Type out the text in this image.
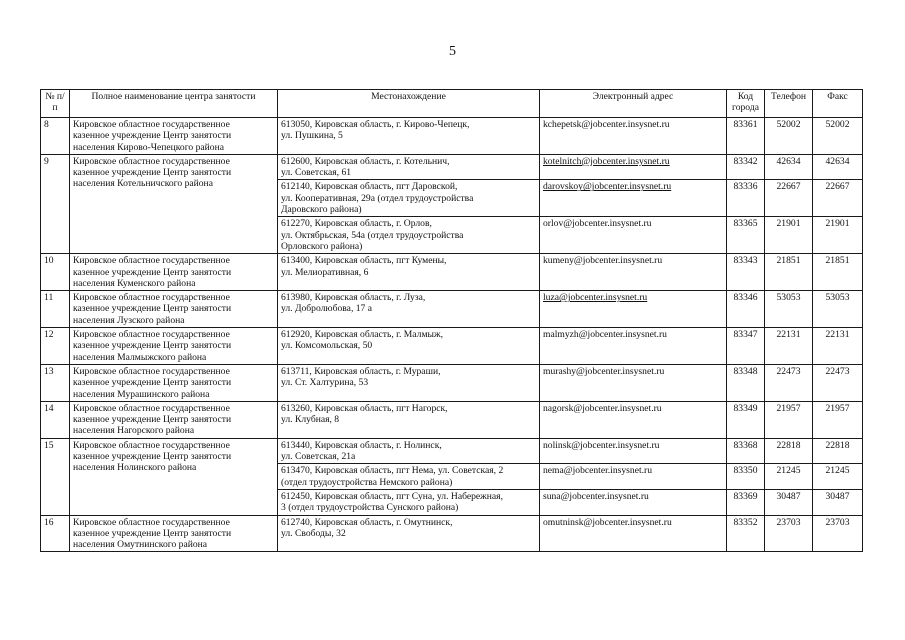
5
№ п/п	Полное наименование центра занятости	Местонахождение	Электронный адрес	Код города	Телефон	Факс
8	Кировское областное государственное
казенное учреждение Центр занятости
населения Кирово-Чепецкого района	613050, Кировская область, г. Кирово-Чепецк,
ул. Пушкина, 5	kchepetsk@jobcenter.insysnet.ru	83361	52002	52002
9	Кировское областное государственное
казенное учреждение Центр занятости
населения Котельничского района	612600, Кировская область, г. Котельнич,
ул. Советская, 61	kotelnitch@jobcenter.insysnet.ru	83342	42634	42634

		612140, Кировская область, пгт Даровской,
ул. Кооперативная, 29а (отдел трудоустройства
Даровского района)	darovskoy@jobcenter.insysnet.ru	83336	22667	22667

		612270, Кировская область, г. Орлов,
ул. Октябрьская, 54а (отдел трудоустройства
Орловского района)	orlov@jobcenter.insysnet.ru	83365	21901	21901
10	Кировское областное государственное
казенное учреждение Центр занятости
населения Куменского района	613400, Кировская область, пгт Кумены,
ул. Мелиоративная, 6	kumeny@jobcenter.insysnet.ru	83343	21851	21851
11	Кировское областное государственное
казенное учреждение Центр занятости
населения Лузского района	613980, Кировская область, г. Луза,
ул. Добролюбова, 17 а	luza@jobcenter.insysnet.ru	83346	53053	53053
12	Кировское областное государственное
казенное учреждение Центр занятости
населения Малмыжского района	612920, Кировская область, г. Малмыж,
ул. Комсомольская, 50	malmyzh@jobcenter.insysnet.ru	83347	22131	22131
13	Кировское областное государственное
казенное учреждение Центр занятости
населения Мурашинского района	613711, Кировская область, г. Мураши,
ул. Ст. Халтурина, 53	murashy@jobcenter.insysnet.ru	83348	22473	22473
14	Кировское областное государственное
казенное учреждение Центр занятости
населения Нагорского района	613260, Кировская область, пгт Нагорск,
ул. Клубная, 8	nagorsk@jobcenter.insysnet.ru	83349	21957	21957
15	Кировское областное государственное
казенное учреждение Центр занятости
населения Нолинского района	613440, Кировская область, г. Нолинск,
ул. Советская, 21а	nolinsk@jobcenter.insysnet.ru	83368	22818	22818

		613470, Кировская область, пгт Нема, ул. Советская, 2
(отдел трудоустройства Немского района)	nema@jobcenter.insysnet.ru	83350	21245	21245

		612450, Кировская область, пгт Суна, ул. Набережная,
3 (отдел трудоустройства Сунского района)	suna@jobcenter.insysnet.ru	83369	30487	30487
16	Кировское областное государственное
казенное учреждение Центр занятости
населения Омутнинского района	612740, Кировская область, г. Омутнинск,
ул. Свободы, 32	omutninsk@jobcenter.insysnet.ru	83352	23703	23703
